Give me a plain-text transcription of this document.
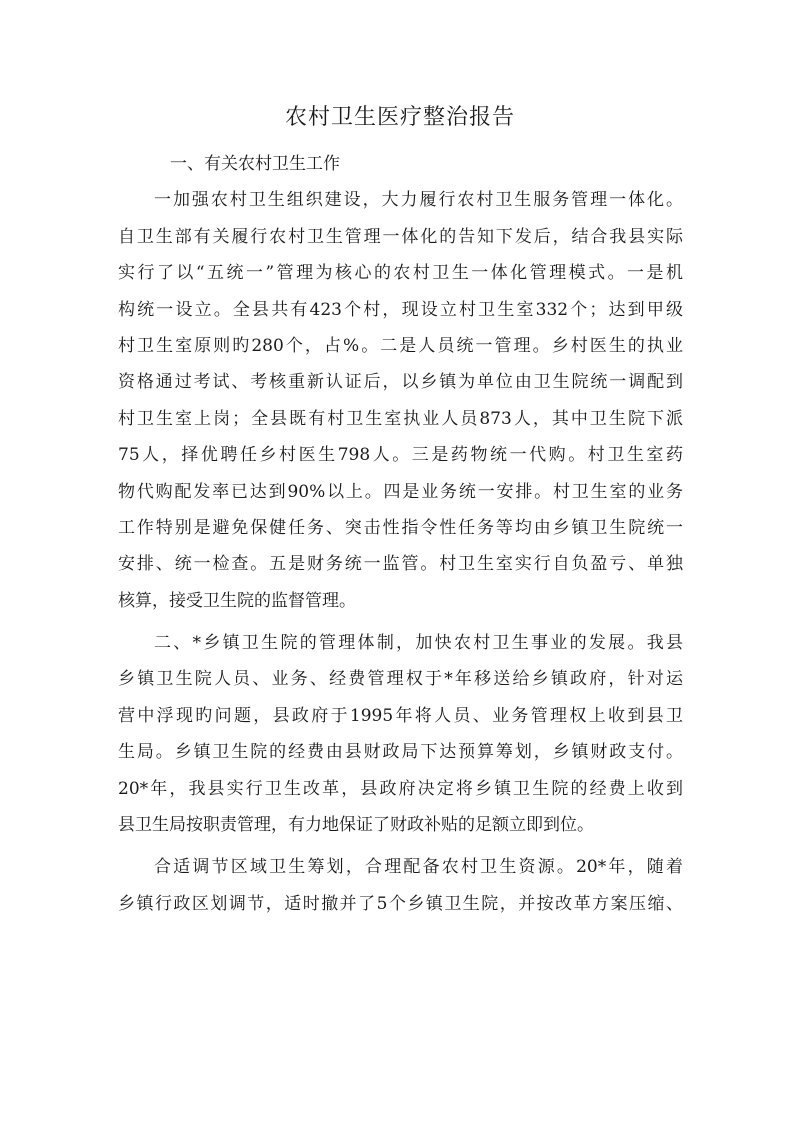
农村卫生医疗整治报告
一、有关农村卫生工作
一加强农村卫生组织建设，大力履行农村卫生服务管理一体化。
自卫生部有关履行农村卫生管理一体化的告知下发后，结合我县实际
实行了以“五统一”管理为核心的农村卫生一体化管理模式。一是机
构统一设立。全县共有423个村，现设立村卫生室332个；达到甲级
村卫生室原则旳280个，占%。二是人员统一管理。乡村医生的执业
资格通过考试、考核重新认证后，以乡镇为单位由卫生院统一调配到
村卫生室上岗；全县既有村卫生室执业人员873人，其中卫生院下派
75人，择优聘任乡村医生798人。三是药物统一代购。村卫生室药
物代购配发率已达到90%以上。四是业务统一安排。村卫生室的业务
工作特别是避免保健任务、突击性指令性任务等均由乡镇卫生院统一
安排、统一检查。五是财务统一监管。村卫生室实行自负盈亏、单独
核算，接受卫生院的监督管理。
二、*乡镇卫生院的管理体制，加快农村卫生事业的发展。我县
乡镇卫生院人员、业务、经费管理权于*年移送给乡镇政府，针对运
营中浮现旳问题，县政府于1995年将人员、业务管理权上收到县卫
生局。乡镇卫生院的经费由县财政局下达预算筹划，乡镇财政支付。
20*年，我县实行卫生改革，县政府决定将乡镇卫生院的经费上收到
县卫生局按职责管理，有力地保证了财政补贴的足额立即到位。
合适调节区域卫生筹划，合理配备农村卫生资源。20*年，随着
乡镇行政区划调节，适时撤并了5个乡镇卫生院，并按改革方案压缩、
